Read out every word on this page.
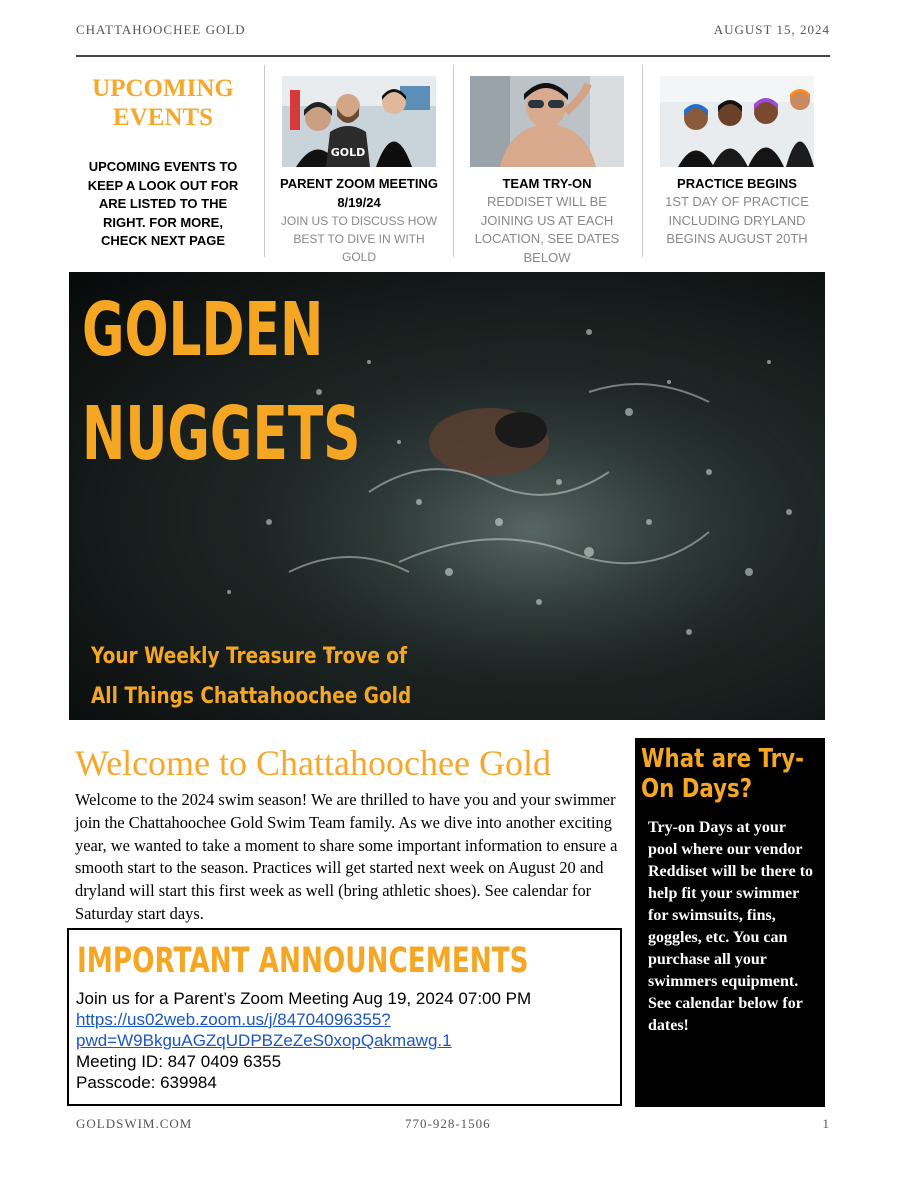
CHATTAHOOCHEE GOLD	AUGUST 15, 2024
UPCOMING EVENTS
UPCOMING EVENTS TO KEEP A LOOK OUT FOR ARE LISTED TO THE RIGHT. FOR MORE, CHECK NEXT PAGE
GOLD
PARENT ZOOM MEETING 8/19/24
JOIN US TO DISCUSS HOW BEST TO DIVE IN WITH GOLD
TEAM TRY-ON
REDDISET WILL BE JOINING US AT EACH LOCATION, SEE DATES BELOW
PRACTICE BEGINS
1ST DAY OF PRACTICE INCLUDING DRYLAND BEGINS AUGUST 20TH
GOLDEN
NUGGETS
Your Weekly Treasure Trove of
All Things Chattahoochee Gold
Welcome to Chattahoochee Gold
Welcome to the 2024 swim season! We are thrilled to have you and your swimmer join the Chattahoochee Gold Swim Team family. As we dive into another exciting year, we wanted to take a moment to share some important information to ensure a smooth start to the season. Practices will get started next week on August 20 and dryland will start this first week as well (bring athletic shoes). See calendar for Saturday start days.
IMPORTANT ANNOUNCEMENTS
Join us for a Parent’s Zoom Meeting Aug 19, 2024 07:00 PM
https://us02web.zoom.us/j/84704096355?
pwd=W9BkguAGZqUDPBZeZeS0xopQakmawg.1
Meeting ID: 847 0409 6355
Passcode: 639984
What are Try-
On Days?
Try-on Days at your pool where our vendor Reddiset will be there to help fit your swimmer for swimsuits, fins, goggles, etc. You can purchase all your swimmers equipment. See calendar below for dates!
GOLDSWIM.COM	770-928-1506	1
